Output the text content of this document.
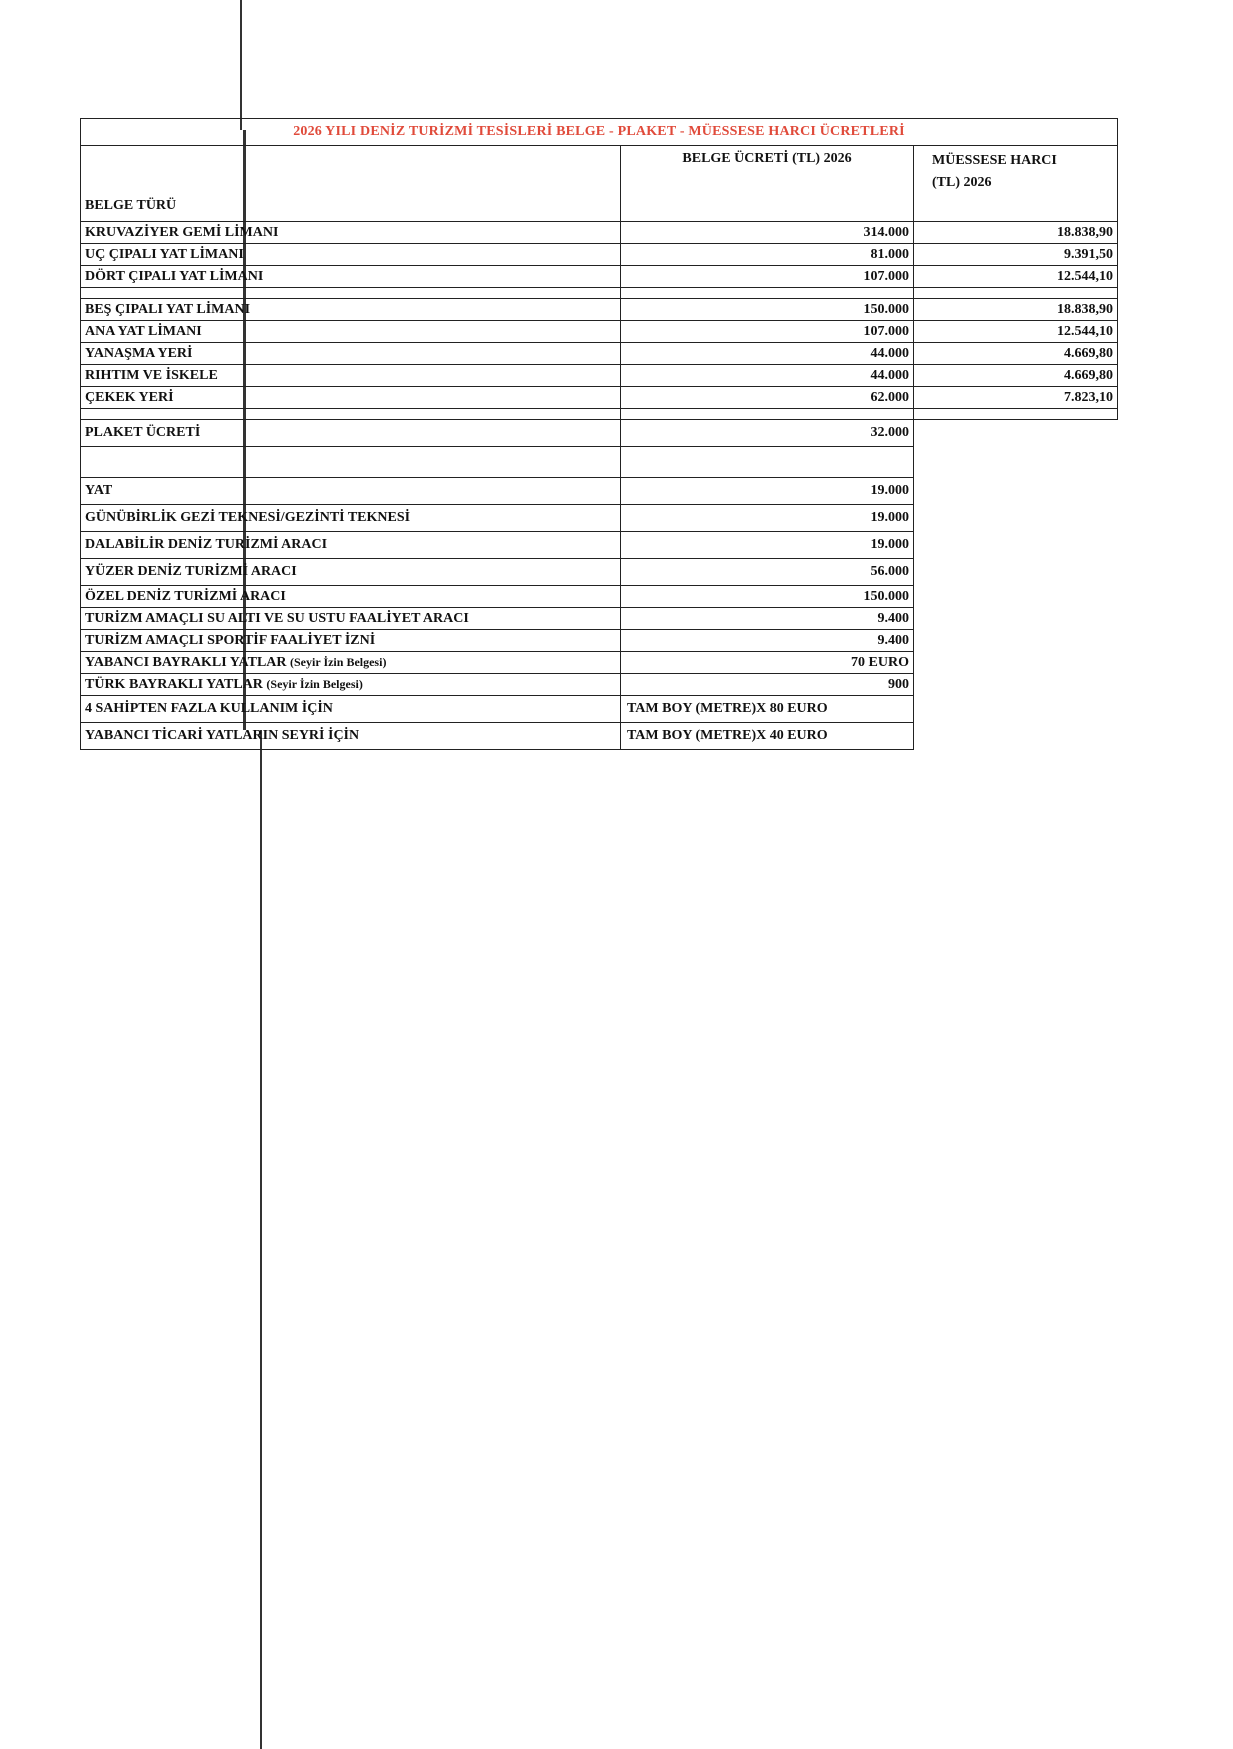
2026 YILI DENİZ TURİZMİ TESİSLERİ BELGE - PLAKET - MÜESSESE HARCI ÜCRETLERİ		
BELGE TÜRÜ	BELGE ÜCRETİ (TL) 2026	MÜESSESE HARCI
(TL) 2026
KRUVAZİYER GEMİ LİMANI	314.000	18.838,90
UÇ ÇIPALI YAT LİMANI	81.000	9.391,50
DÖRT ÇIPALI YAT LİMANI	107.000	12.544,10

BEŞ ÇIPALI YAT LİMANI	150.000	18.838,90
ANA YAT LİMANI	107.000	12.544,10
YANAŞMA YERİ	44.000	4.669,80
RIHTIM VE İSKELE	44.000	4.669,80
ÇEKEK YERİ	62.000	7.823,10

PLAKET ÜCRETİ	32.000	

YAT	19.000	
GÜNÜBİRLİK GEZİ TEKNESİ/GEZİNTİ TEKNESİ	19.000	
DALABİLİR DENİZ TURİZMİ ARACI	19.000	
YÜZER DENİZ TURİZMİ ARACI	56.000	
ÖZEL DENİZ TURİZMİ ARACI	150.000	
TURİZM AMAÇLI SU ALTI VE SU USTU FAALİYET ARACI	9.400	
TURİZM AMAÇLI SPORTİF FAALİYET İZNİ	9.400	
YABANCI BAYRAKLI YATLAR (Seyir İzin Belgesi)	70 EURO	
TÜRK BAYRAKLI YATLAR (Seyir İzin Belgesi)	900	
4 SAHİPTEN FAZLA KULLANIM İÇİN	TAM BOY (METRE)X 80 EURO	
YABANCI TİCARİ YATLARIN SEYRİ İÇİN	TAM BOY (METRE)X 40 EURO	
